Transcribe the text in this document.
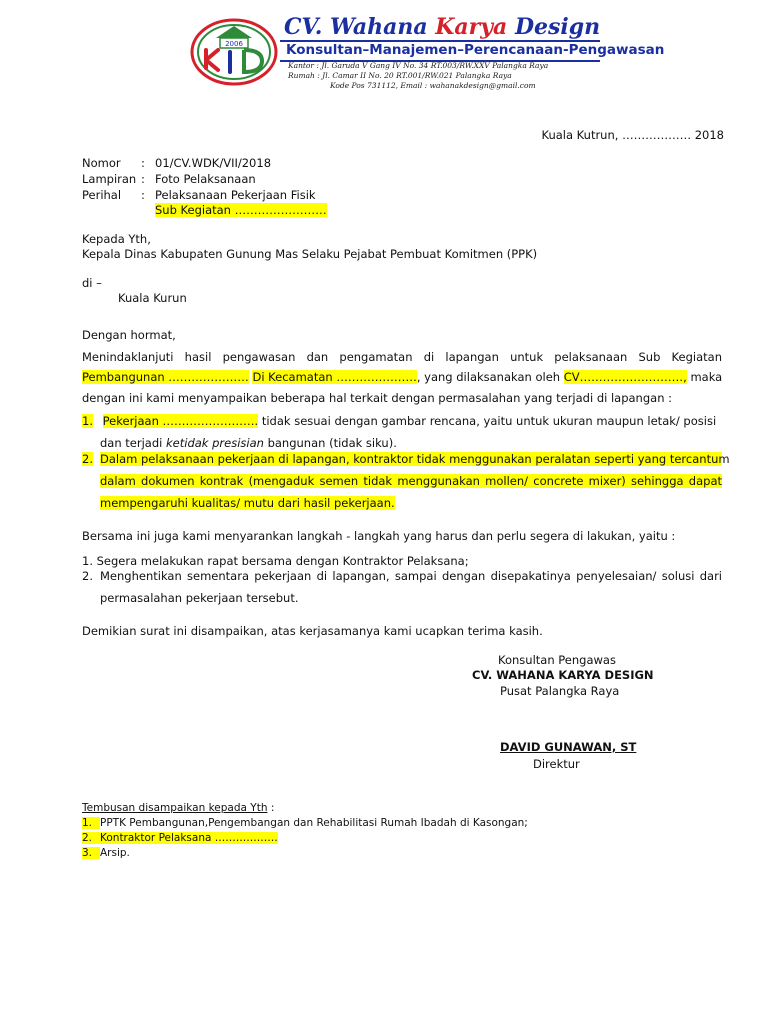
2006
CV. Wahana Karya Design
Konsultan–Manajemen–Perencanaan-Pengawasan
Kantor : Jl. Garuda V Gang IV No. 34 RT.003/RW.XXV Palangka Raya
Rumah : Jl. Camar II No. 20 RT.001/RW.021 Palangka Raya
Kode Pos 731112, Email : wahanakdesign@gmail.com
Kuala Kutrun, ……………… 2018
Nomor : 01/CV.WDK/VII/2018
Lampiran : Foto Pelaksanaan
Perihal : Pelaksanaan Pekerjaan Fisik
Sub Kegiatan ……………………
Kepada Yth,
Kepala Dinas Kabupaten Gunung Mas Selaku Pejabat Pembuat Komitmen (PPK)
di –
Kuala Kurun
Dengan hormat,
Menindaklanjuti hasil pengawasan dan pengamatan di lapangan untuk pelaksanaan Sub Kegiatan
Pembangunan ………………… Di Kecamatan …………………, yang dilaksanakan oleh CV………………………, maka
dengan ini kami menyampaikan beberapa hal terkait dengan permasalahan yang terjadi di lapangan :
1. Pekerjaan ……………………. tidak sesuai dengan gambar rencana, yaitu untuk ukuran maupun letak/ posisi
dan terjadi ketidak presisian bangunan (tidak siku).
2. Dalam pelaksanaan pekerjaan di lapangan, kontraktor tidak menggunakan peralatan seperti yang tercantum
dalam dokumen kontrak (mengaduk semen tidak menggunakan mollen/ concrete mixer) sehingga dapat
mempengaruhi kualitas/ mutu dari hasil pekerjaan.
Bersama ini juga kami menyarankan langkah - langkah yang harus dan perlu segera di lakukan, yaitu :
1. Segera melakukan rapat bersama dengan Kontraktor Pelaksana;
2. Menghentikan sementara pekerjaan di lapangan, sampai dengan disepakatinya penyelesaian/ solusi dari
permasalahan pekerjaan tersebut.
Demikian surat ini disampaikan, atas kerjasamanya kami ucapkan terima kasih.
Konsultan Pengawas
CV. WAHANA KARYA DESIGN
Pusat Palangka Raya
DAVID GUNAWAN, ST
Direktur
Tembusan disampaikan kepada Yth :
1. PPTK Pembangunan,Pengembangan dan Rehabilitasi Rumah Ibadah di Kasongan;
2. Kontraktor Pelaksana ………………
3. Arsip.
